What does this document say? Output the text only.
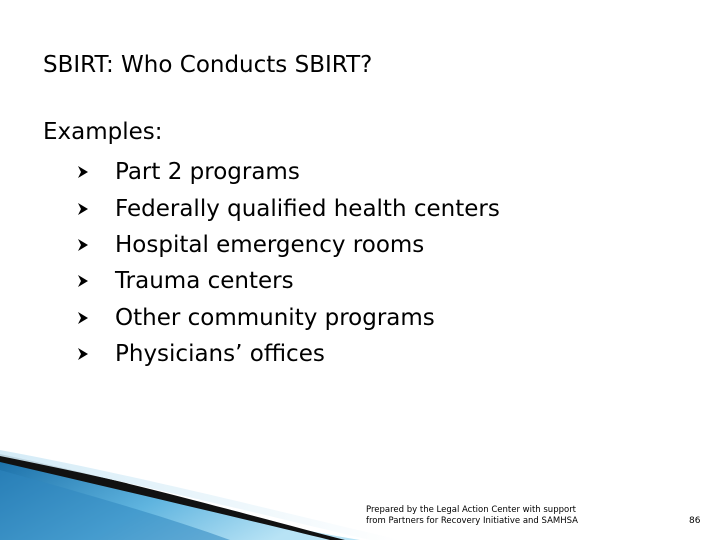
SBIRT: Who Conducts SBIRT?
Examples:
Part 2 programs
Federally qualified health centers
Hospital emergency rooms
Trauma centers
Other community programs
Physicians’ offices
Prepared by the Legal Action Center with support
from Partners for Recovery Initiative and SAMHSA	86
